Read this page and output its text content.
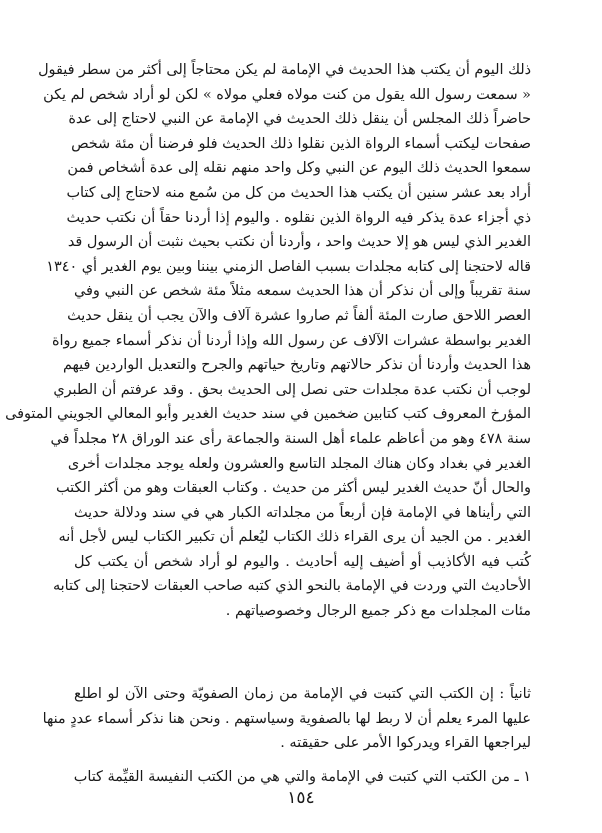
ذلك اليوم أن يكتب هذا الحديث في الإمامة لم يكن محتاجاً إلى أكثر من سطر فيقول
« سمعت رسول الله يقول من كنت مولاه فعلي مولاه » لكن لو أراد شخص لم يكن
حاضراً ذلك المجلس أن ينقل ذلك الحديث في الإمامة عن النبي لاحتاج إلى عدة
صفحات ليكتب أسماء الرواة الذين نقلوا ذلك الحديث فلو فرضنا أن مئة شخص
سمعوا الحديث ذلك اليوم عن النبي وكل واحد منهم نقله إلى عدة أشخاص فمن
أراد بعد عشر سنين أن يكتب هذا الحديث من كل من سُمع منه لاحتاج إلى كتاب
ذي أجزاء عدة يذكر فيه الرواة الذين نقلوه . واليوم إذا أردنا حقاً أن نكتب حديث
الغدير الذي ليس هو إلا حديث واحد ، وأردنا أن نكتب بحيث نثبت أن الرسول قد
قاله لاحتجنا إلى كتابه مجلدات بسبب الفاصل الزمني بيننا وبين يوم الغدير أي ١٣٤٠
سنة تقريباً وإلى أن نذكر أن هذا الحديث سمعه مثلاً مئة شخص عن النبي وفي
العصر اللاحق صارت المئة ألفاً ثم صاروا عشرة آلاف والآن يجب أن ينقل حديث
الغدير بواسطة عشرات الآلاف عن رسول الله وإذا أردنا أن نذكر أسماء جميع رواة
هذا الحديث وأردنا أن نذكر حالاتهم وتاريخ حياتهم والجرح والتعديل الواردين فيهم
لوجب أن نكتب عدة مجلدات حتى نصل إلى الحديث بحق . وقد عرفتم أن الطبري
المؤرخ المعروف كتب كتابين ضخمين في سند حديث الغدير وأبو المعالي الجويني المتوفى
سنة ٤٧٨ وهو من أعاظم علماء أهل السنة والجماعة رأى عند الوراق ٢٨ مجلداً في
الغدير في بغداد وكان هناك المجلد التاسع والعشرون ولعله يوجد مجلدات أخرى
والحال أنّ حديث الغدير ليس أكثر من حديث . وكتاب العبقات وهو من أكثر الكتب
التي رأيناها في الإمامة فإن أربعاً من مجلداته الكبار هي في سند ودلالة حديث
الغدير . من الجيد أن يرى القراء ذلك الكتاب ليُعلم أن تكبير الكتاب ليس لأجل أنه
كُتب فيه الأكاذيب أو أضيف إليه أحاديث . واليوم لو أراد شخص أن يكتب كل
الأحاديث التي وردت في الإمامة بالنحو الذي كتبه صاحب العبقات لاحتجنا إلى كتابه
مئات المجلدات مع ذكر جميع الرجال وخصوصياتهم .
ثانياً : إن الكتب التي كتبت في الإمامة من زمان الصفويّة وحتى الآن لو اطلع
عليها المرء يعلم أن لا ربط لها بالصفوية وسياستهم . ونحن هنا نذكر أسماء عددٍ منها
ليراجعها القراء ويدركوا الأمر على حقيقته .
١ ـ من الكتب التي كتبت في الإمامة والتي هي من الكتب النفيسة القيِّمة كتاب
١٥٤
